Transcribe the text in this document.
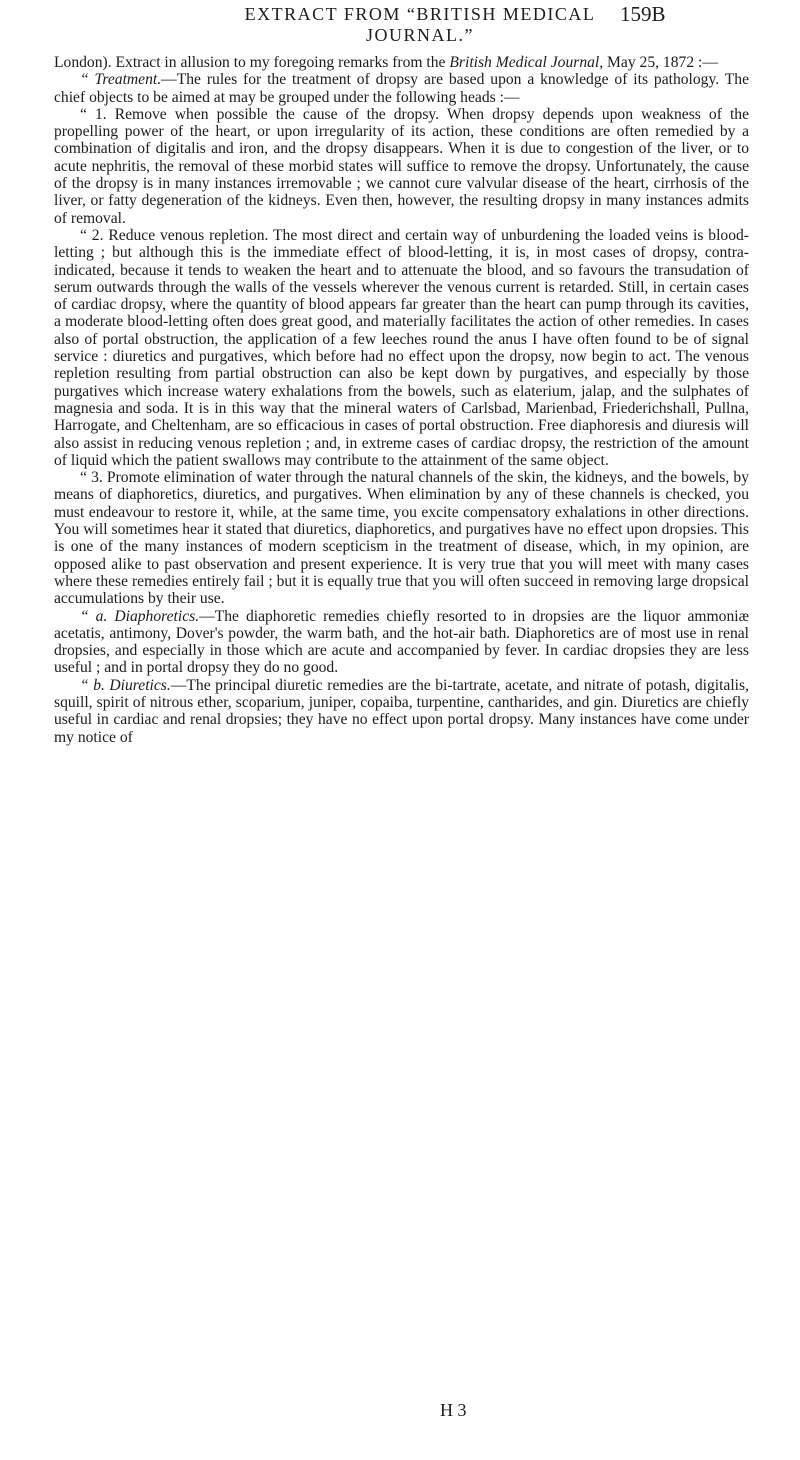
EXTRACT FROM “BRITISH MEDICAL JOURNAL.”
159B

London). Extract in allusion to my foregoing remarks from the British Medical Journal, May 25, 1872 :—

“ Treatment.—The rules for the treatment of dropsy are based upon a knowledge of its pathology. The chief objects to be aimed at may be grouped under the following heads :—

“ 1. Remove when possible the cause of the dropsy. When dropsy depends upon weakness of the propelling power of the heart, or upon irregularity of its action, these conditions are often remedied by a combination of digitalis and iron, and the dropsy disappears. When it is due to congestion of the liver, or to acute nephritis, the removal of these morbid states will suffice to remove the dropsy. Unfortunately, the cause of the dropsy is in many instances irremovable ; we cannot cure valvular disease of the heart, cirrhosis of the liver, or fatty degeneration of the kidneys. Even then, however, the resulting dropsy in many instances admits of removal.

“ 2. Reduce venous repletion. The most direct and certain way of unburdening the loaded veins is blood-letting ; but although this is the immediate effect of blood-letting, it is, in most cases of dropsy, contra-indicated, because it tends to weaken the heart and to attenuate the blood, and so favours the transudation of serum outwards through the walls of the vessels wherever the venous current is retarded. Still, in certain cases of cardiac dropsy, where the quantity of blood appears far greater than the heart can pump through its cavities, a moderate blood-letting often does great good, and materially facilitates the action of other remedies. In cases also of portal obstruction, the application of a few leeches round the anus I have often found to be of signal service : diuretics and purgatives, which before had no effect upon the dropsy, now begin to act. The venous repletion resulting from partial obstruction can also be kept down by purgatives, and especially by those purgatives which increase watery exhalations from the bowels, such as elaterium, jalap, and the sulphates of magnesia and soda. It is in this way that the mineral waters of Carlsbad, Marienbad, Friederichshall, Pullna, Harrogate, and Cheltenham, are so efficacious in cases of portal obstruction. Free diaphoresis and diuresis will also assist in reducing venous repletion ; and, in extreme cases of cardiac dropsy, the restriction of the amount of liquid which the patient swallows may contribute to the attainment of the same object.

“ 3. Promote elimination of water through the natural channels of the skin, the kidneys, and the bowels, by means of diaphoretics, diuretics, and purgatives. When elimination by any of these channels is checked, you must endeavour to restore it, while, at the same time, you excite compensatory exhalations in other directions. You will sometimes hear it stated that diuretics, diaphoretics, and purgatives have no effect upon dropsies. This is one of the many instances of modern scepticism in the treatment of disease, which, in my opinion, are opposed alike to past observation and present experience. It is very true that you will meet with many cases where these remedies entirely fail ; but it is equally true that you will often succeed in removing large dropsical accumulations by their use.

“ a. Diaphoretics.—The diaphoretic remedies chiefly resorted to in dropsies are the liquor ammoniæ acetatis, antimony, Dover's powder, the warm bath, and the hot-air bath. Diaphoretics are of most use in renal dropsies, and especially in those which are acute and accompanied by fever. In cardiac dropsies they are less useful ; and in portal dropsy they do no good.

“ b. Diuretics.—The principal diuretic remedies are the bi-tartrate, acetate, and nitrate of potash, digitalis, squill, spirit of nitrous ether, scoparium, juniper, copaiba, turpentine, cantharides, and gin. Diuretics are chiefly useful in cardiac and renal dropsies; they have no effect upon portal dropsy. Many instances have come under my notice of

H 3
